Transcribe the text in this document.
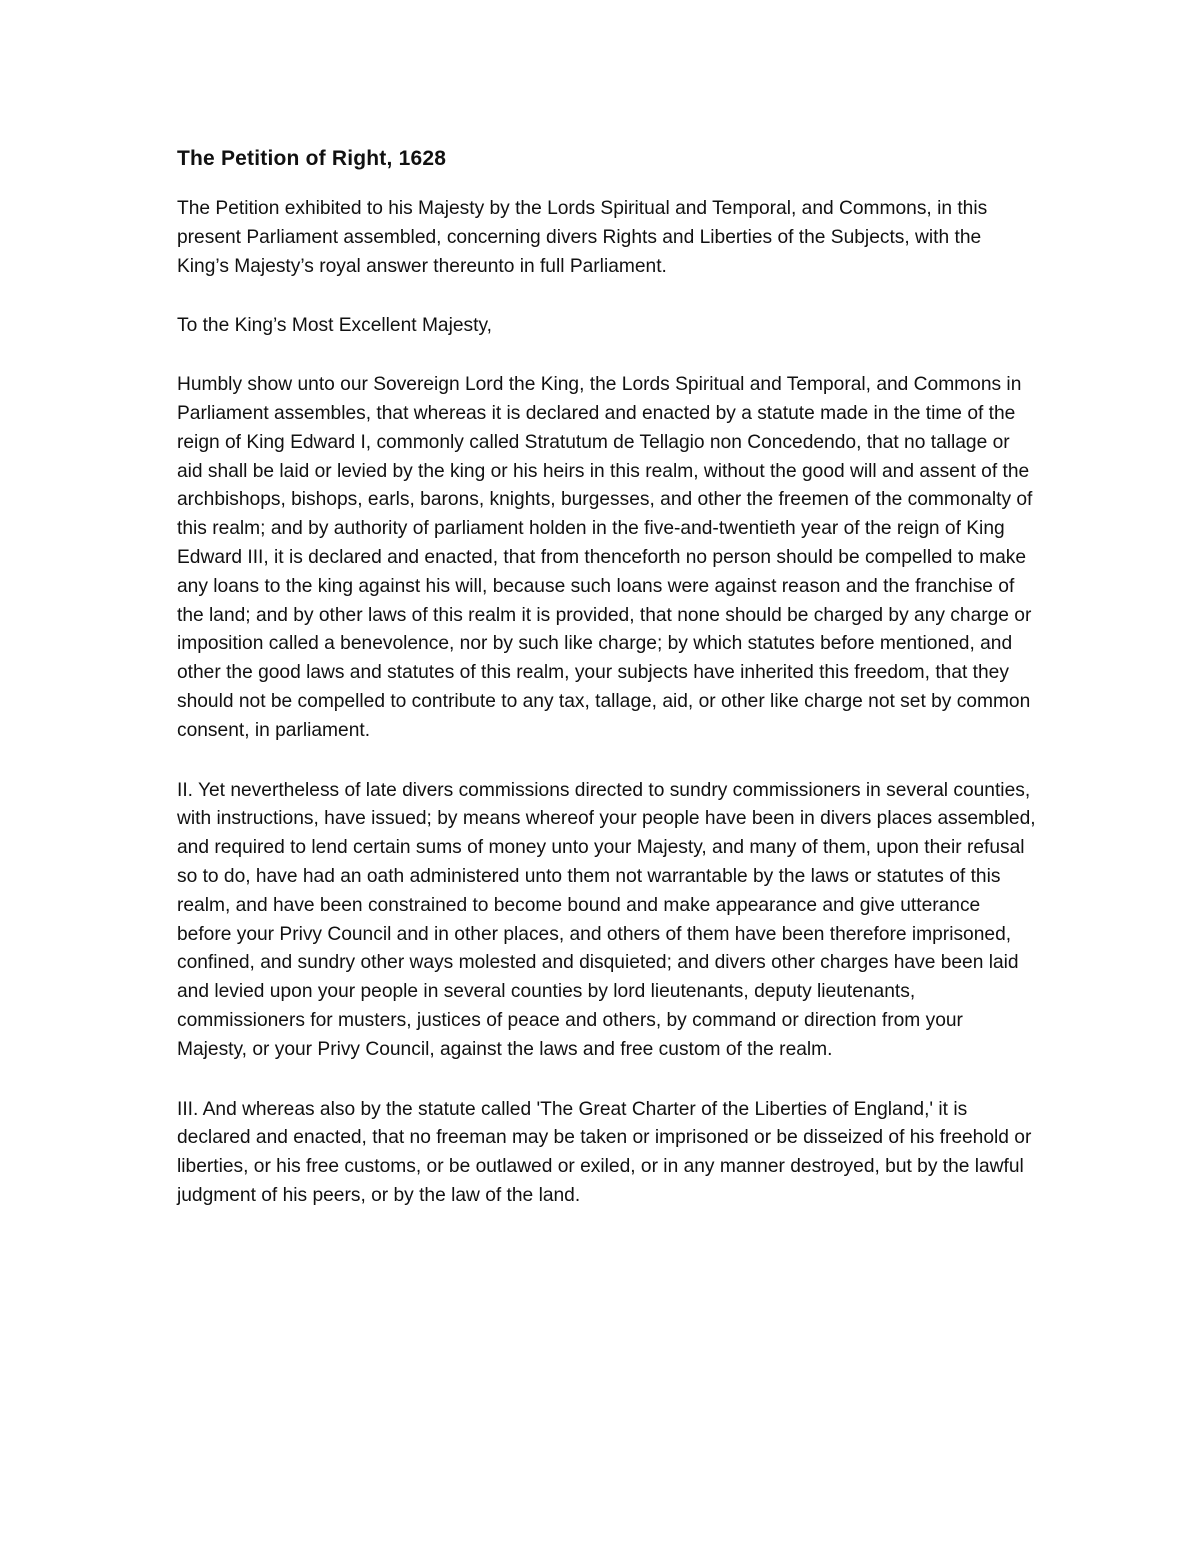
The Petition of Right, 1628

The Petition exhibited to his Majesty by the Lords Spiritual and Temporal, and Commons, in this present Parliament assembled, concerning divers Rights and Liberties of the Subjects, with the King’s Majesty’s royal answer thereunto in full Parliament.

To the King’s Most Excellent Majesty,

Humbly show unto our Sovereign Lord the King, the Lords Spiritual and Temporal, and Commons in Parliament assembles, that whereas it is declared and enacted by a statute made in the time of the reign of King Edward I, commonly called Stratutum de Tellagio non Concedendo, that no tallage or aid shall be laid or levied by the king or his heirs in this realm, without the good will and assent of the archbishops, bishops, earls, barons, knights, burgesses, and other the freemen of the commonalty of this realm; and by authority of parliament holden in the five-and-twentieth year of the reign of King Edward III, it is declared and enacted, that from thenceforth no person should be compelled to make any loans to the king against his will, because such loans were against reason and the franchise of the land; and by other laws of this realm it is provided, that none should be charged by any charge or imposition called a benevolence, nor by such like charge; by which statutes before mentioned, and other the good laws and statutes of this realm, your subjects have inherited this freedom, that they should not be compelled to contribute to any tax, tallage, aid, or other like charge not set by common consent, in parliament.

II. Yet nevertheless of late divers commissions directed to sundry commissioners in several counties, with instructions, have issued; by means whereof your people have been in divers places assembled, and required to lend certain sums of money unto your Majesty, and many of them, upon their refusal so to do, have had an oath administered unto them not warrantable by the laws or statutes of this realm, and have been constrained to become bound and make appearance and give utterance before your Privy Council and in other places, and others of them have been therefore imprisoned, confined, and sundry other ways molested and disquieted; and divers other charges have been laid and levied upon your people in several counties by lord lieutenants, deputy lieutenants, commissioners for musters, justices of peace and others, by command or direction from your Majesty, or your Privy Council, against the laws and free custom of the realm.

III. And whereas also by the statute called 'The Great Charter of the Liberties of England,' it is declared and enacted, that no freeman may be taken or imprisoned or be disseized of his freehold or liberties, or his free customs, or be outlawed or exiled, or in any manner destroyed, but by the lawful judgment of his peers, or by the law of the land.
